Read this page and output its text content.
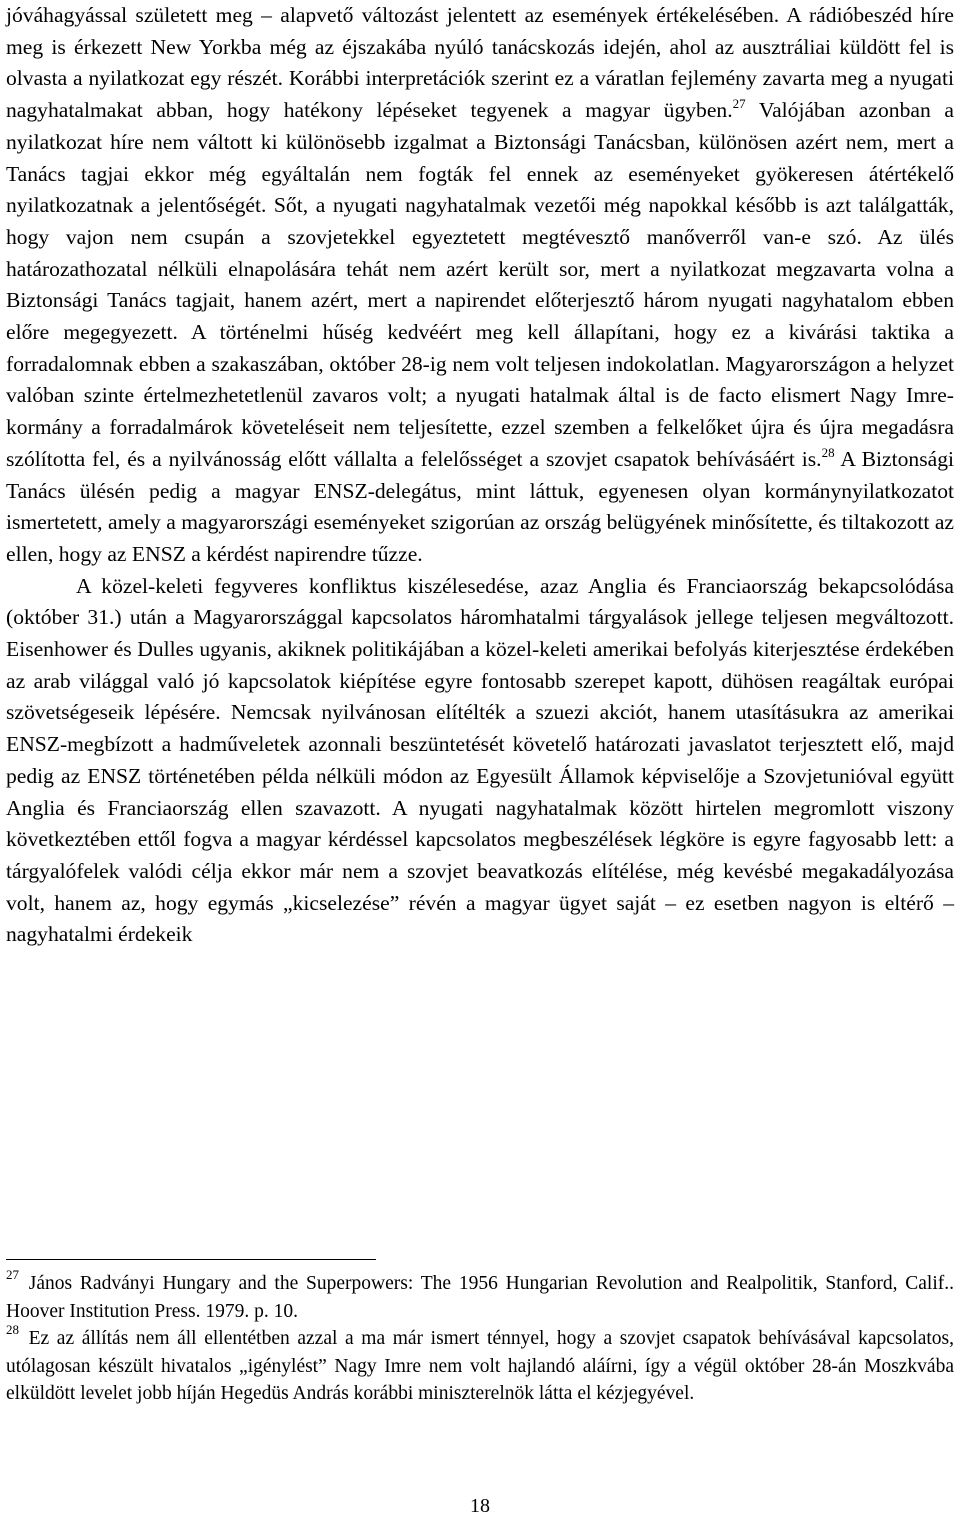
jóváhagyással született meg – alapvető változást jelentett az események értékelésében. A rádióbeszéd híre meg is érkezett New Yorkba még az éjszakába nyúló tanácskozás idején, ahol az ausztráliai küldött fel is olvasta a nyilatkozat egy részét. Korábbi interpretációk szerint ez a váratlan fejlemény zavarta meg a nyugati nagyhatalmakat abban, hogy hatékony lépéseket tegyenek a magyar ügyben.$^{27}$ Valójában azonban a nyilatkozat híre nem váltott ki különösebb izgalmat a Biztonsági Tanácsban, különösen azért nem, mert a Tanács tagjai ekkor még egyáltalán nem fogták fel ennek az eseményeket gyökeresen átértékelő nyilatkozatnak a jelentőségét. Sőt, a nyugati nagyhatalmak vezetői még napokkal később is azt találgatták, hogy vajon nem csupán a szovjetekkel egyeztetett megtévesztő manőverről van-e szó. Az ülés határozathozatal nélküli elnapolására tehát nem azért került sor, mert a nyilatkozat megzavarta volna a Biztonsági Tanács tagjait, hanem azért, mert a napirendet előterjesztő három nyugati nagyhatalom ebben előre megegyezett. A történelmi hűség kedvéért meg kell állapítani, hogy ez a kivárási taktika a forradalomnak ebben a szakaszában, október 28-ig nem volt teljesen indokolatlan. Magyarországon a helyzet valóban szinte értelmezhetetlenül zavaros volt; a nyugati hatalmak által is de facto elismert Nagy Imre-kormány a forradalmárok követeléseit nem teljesítette, ezzel szemben a felkelőket újra és újra megadásra szólította fel, és a nyilvánosság előtt vállalta a felelősséget a szovjet csapatok behívásáért is.$^{28}$ A Biztonsági Tanács ülésén pedig a magyar ENSZ-delegátus, mint láttuk, egyenesen olyan kormánynyilatkozatot ismertetett, amely a magyarországi eseményeket szigorúan az ország belügyének minősítette, és tiltakozott az ellen, hogy az ENSZ a kérdést napirendre tűzze.

A közel-keleti fegyveres konfliktus kiszélesedése, azaz Anglia és Franciaország bekapcsolódása (október 31.) után a Magyarországgal kapcsolatos háromhatalmi tárgyalások jellege teljesen megváltozott. Eisenhower és Dulles ugyanis, akiknek politikájában a közel-keleti amerikai befolyás kiterjesztése érdekében az arab világgal való jó kapcsolatok kiépítése egyre fontosabb szerepet kapott, dühösen reagáltak európai szövetségeseik lépésére. Nemcsak nyilvánosan elítélték a szuezi akciót, hanem utasításukra az amerikai ENSZ-megbízott a hadműveletek azonnali beszüntetését követelő határozati javaslatot terjesztett elő, majd pedig az ENSZ történetében példa nélküli módon az Egyesült Államok képviselője a Szovjetunióval együtt Anglia és Franciaország ellen szavazott. A nyugati nagyhatalmak között hirtelen megromlott viszony következtében ettől fogva a magyar kérdéssel kapcsolatos megbeszélések légköre is egyre fagyosabb lett: a tárgyalófelek valódi célja ekkor már nem a szovjet beavatkozás elítélése, még kevésbé megakadályozása volt, hanem az, hogy egymás „kicselezése” révén a magyar ügyet saját – ez esetben nagyon is eltérő – nagyhatalmi érdekeik

$^{27}$ János Radványi Hungary and the Superpowers: The 1956 Hungarian Revolution and Realpolitik, Stanford, Calif.. Hoover Institution Press. 1979. p. 10.

$^{28}$ Ez az állítás nem áll ellentétben azzal a ma már ismert ténnyel, hogy a szovjet csapatok behívásával kapcsolatos, utólagosan készült hivatalos „igénylést” Nagy Imre nem volt hajlandó aláírni, így a végül október 28-án Moszkvába elküldött levelet jobb híján Hegedüs András korábbi miniszterelnök látta el kézjegyével.

18
